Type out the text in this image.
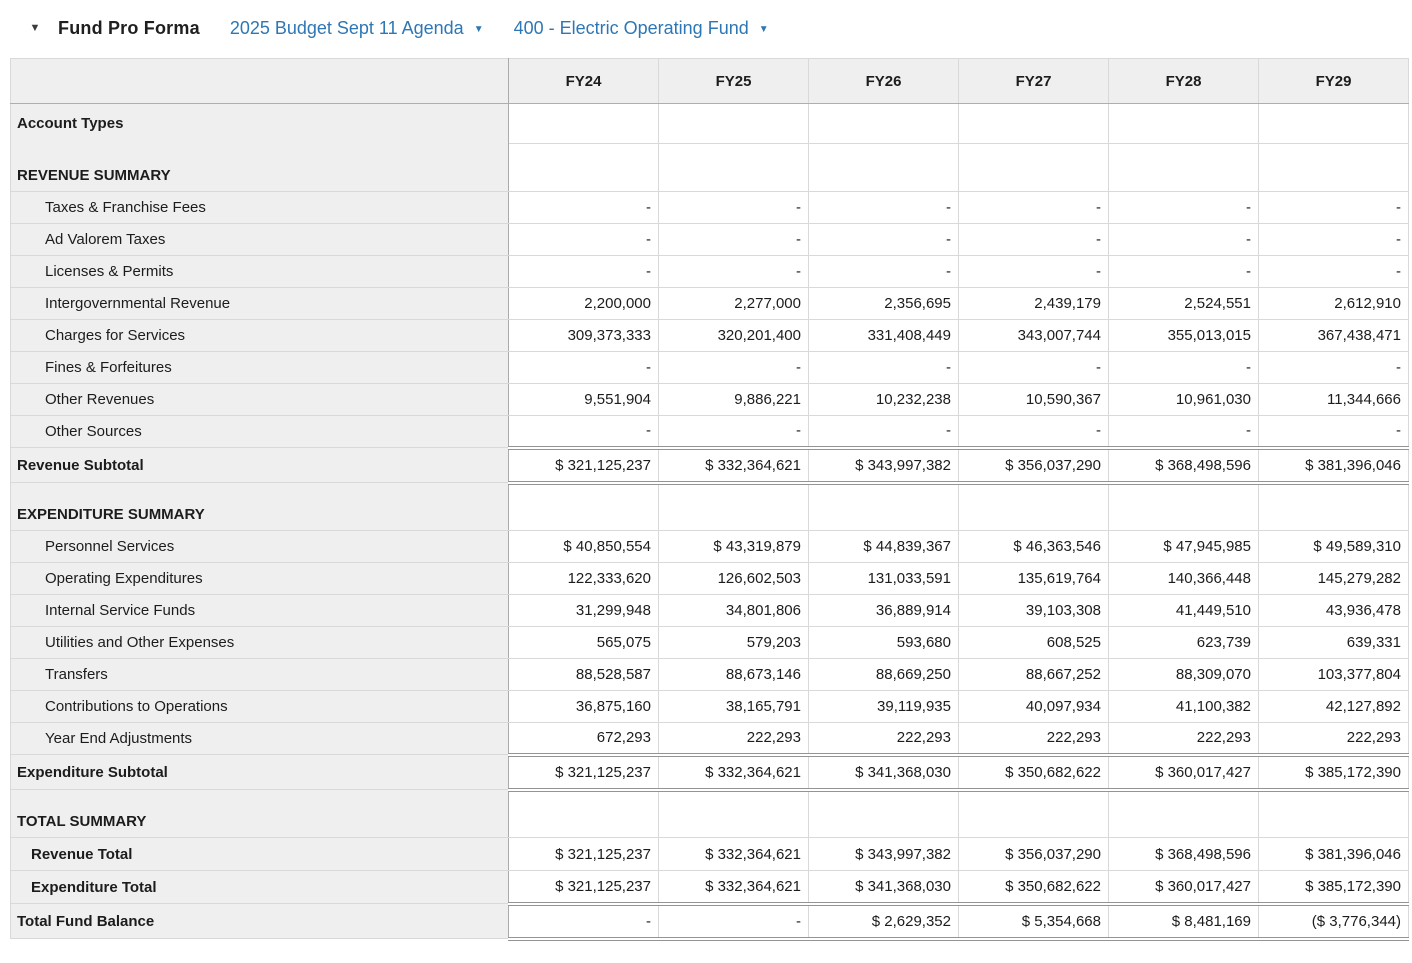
▼ Fund Pro Forma 2025 Budget Sept 11 Agenda ▼ 400 - Electric Operating Fund ▼
	FY24	FY25	FY26	FY27	FY28	FY29
Account Types						
REVENUE SUMMARY						
Taxes & Franchise Fees	-	-	-	-	-	-
Ad Valorem Taxes	-	-	-	-	-	-
Licenses & Permits	-	-	-	-	-	-
Intergovernmental Revenue	2,200,000	2,277,000	2,356,695	2,439,179	2,524,551	2,612,910
Charges for Services	309,373,333	320,201,400	331,408,449	343,007,744	355,013,015	367,438,471
Fines & Forfeitures	-	-	-	-	-	-
Other Revenues	9,551,904	9,886,221	10,232,238	10,590,367	10,961,030	11,344,666
Other Sources	-	-	-	-	-	-
Revenue Subtotal	$ 321,125,237	$ 332,364,621	$ 343,997,382	$ 356,037,290	$ 368,498,596	$ 381,396,046
EXPENDITURE SUMMARY						
Personnel Services	$ 40,850,554	$ 43,319,879	$ 44,839,367	$ 46,363,546	$ 47,945,985	$ 49,589,310
Operating Expenditures	122,333,620	126,602,503	131,033,591	135,619,764	140,366,448	145,279,282
Internal Service Funds	31,299,948	34,801,806	36,889,914	39,103,308	41,449,510	43,936,478
Utilities and Other Expenses	565,075	579,203	593,680	608,525	623,739	639,331
Transfers	88,528,587	88,673,146	88,669,250	88,667,252	88,309,070	103,377,804
Contributions to Operations	36,875,160	38,165,791	39,119,935	40,097,934	41,100,382	42,127,892
Year End Adjustments	672,293	222,293	222,293	222,293	222,293	222,293
Expenditure Subtotal	$ 321,125,237	$ 332,364,621	$ 341,368,030	$ 350,682,622	$ 360,017,427	$ 385,172,390
TOTAL SUMMARY						
Revenue Total	$ 321,125,237	$ 332,364,621	$ 343,997,382	$ 356,037,290	$ 368,498,596	$ 381,396,046
Expenditure Total	$ 321,125,237	$ 332,364,621	$ 341,368,030	$ 350,682,622	$ 360,017,427	$ 385,172,390
Total Fund Balance	-	-	$ 2,629,352	$ 5,354,668	$ 8,481,169	($ 3,776,344)
